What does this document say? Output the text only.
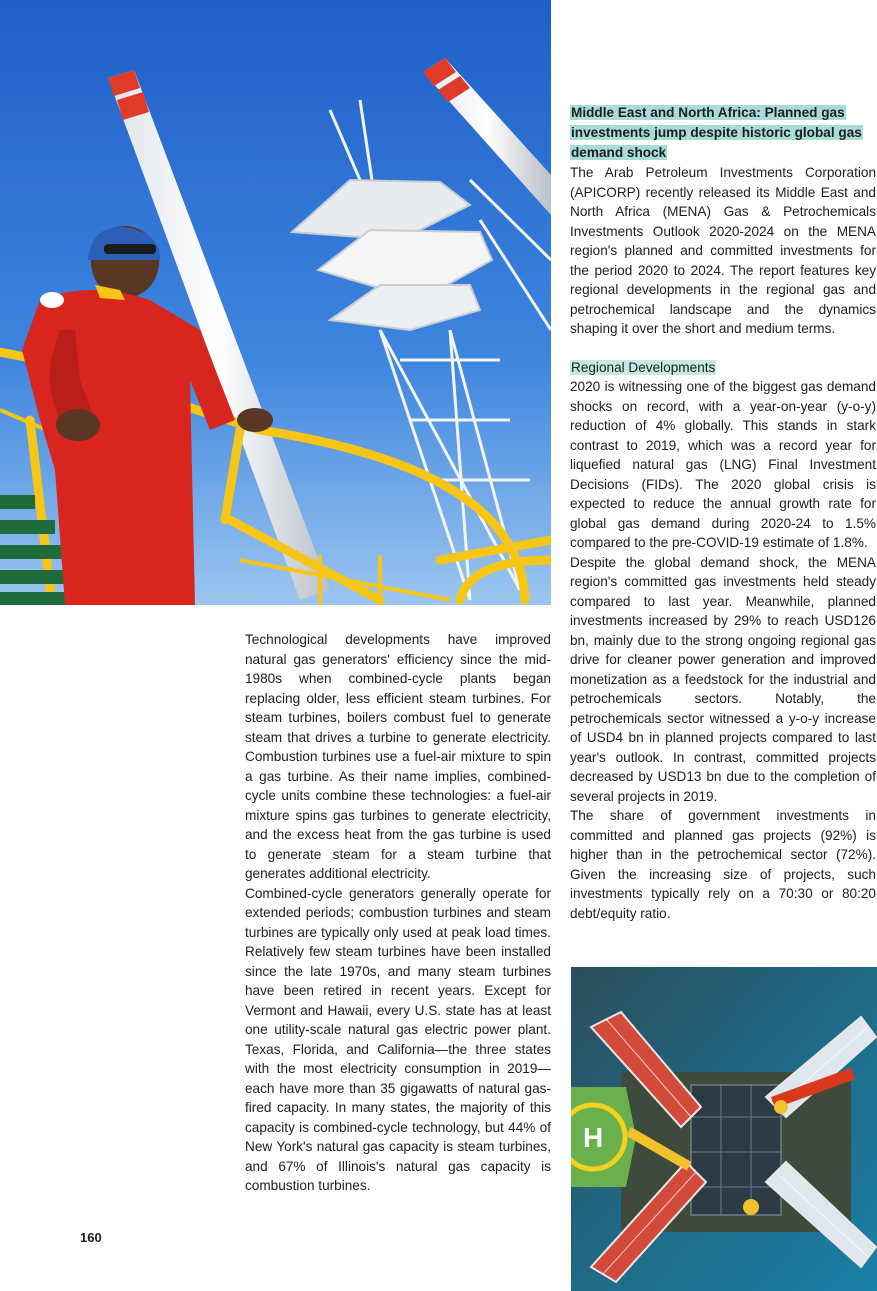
Technological developments have improved natural gas generators' efficiency since the mid-1980s when combined-cycle plants began replacing older, less efficient steam turbines. For steam turbines, boilers combust fuel to generate steam that drives a turbine to generate electricity. Combustion turbines use a fuel-air mixture to spin a gas turbine. As their name implies, combined-cycle units combine these technologies: a fuel-air mixture spins gas turbines to generate electricity, and the excess heat from the gas turbine is used to generate steam for a steam turbine that generates additional electricity.

Combined-cycle generators generally operate for extended periods; combustion turbines and steam turbines are typically only used at peak load times. Relatively few steam turbines have been installed since the late 1970s, and many steam turbines have been retired in recent years. Except for Vermont and Hawaii, every U.S. state has at least one utility-scale natural gas electric power plant. Texas, Florida, and California—the three states with the most electricity consumption in 2019—each have more than 35 gigawatts of natural gas-fired capacity. In many states, the majority of this capacity is combined-cycle technology, but 44% of New York's natural gas capacity is steam turbines, and 67% of Illinois's natural gas capacity is combustion turbines.

Middle East and North Africa: Planned gas investments jump despite historic global gas demand shock

The Arab Petroleum Investments Corporation (APICORP) recently released its Middle East and North Africa (MENA) Gas & Petrochemicals Investments Outlook 2020-2024 on the MENA region's planned and committed investments for the period 2020 to 2024. The report features key regional developments in the regional gas and petrochemical landscape and the dynamics shaping it over the short and medium terms.

Regional Developments

2020 is witnessing one of the biggest gas demand shocks on record, with a year-on-year (y-o-y) reduction of 4% globally. This stands in stark contrast to 2019, which was a record year for liquefied natural gas (LNG) Final Investment Decisions (FIDs). The 2020 global crisis is expected to reduce the annual growth rate for global gas demand during 2020-24 to 1.5% compared to the pre-COVID-19 estimate of 1.8%.

Despite the global demand shock, the MENA region's committed gas investments held steady compared to last year. Meanwhile, planned investments increased by 29% to reach USD126 bn, mainly due to the strong ongoing regional gas drive for cleaner power generation and improved monetization as a feedstock for the industrial and petrochemicals sectors. Notably, the petrochemicals sector witnessed a y-o-y increase of USD4 bn in planned projects compared to last year's outlook. In contrast, committed projects decreased by USD13 bn due to the completion of several projects in 2019.

The share of government investments in committed and planned gas projects (92%) is higher than in the petrochemical sector (72%). Given the increasing size of projects, such investments typically rely on a 70:30 or 80:20 debt/equity ratio.

H
160
